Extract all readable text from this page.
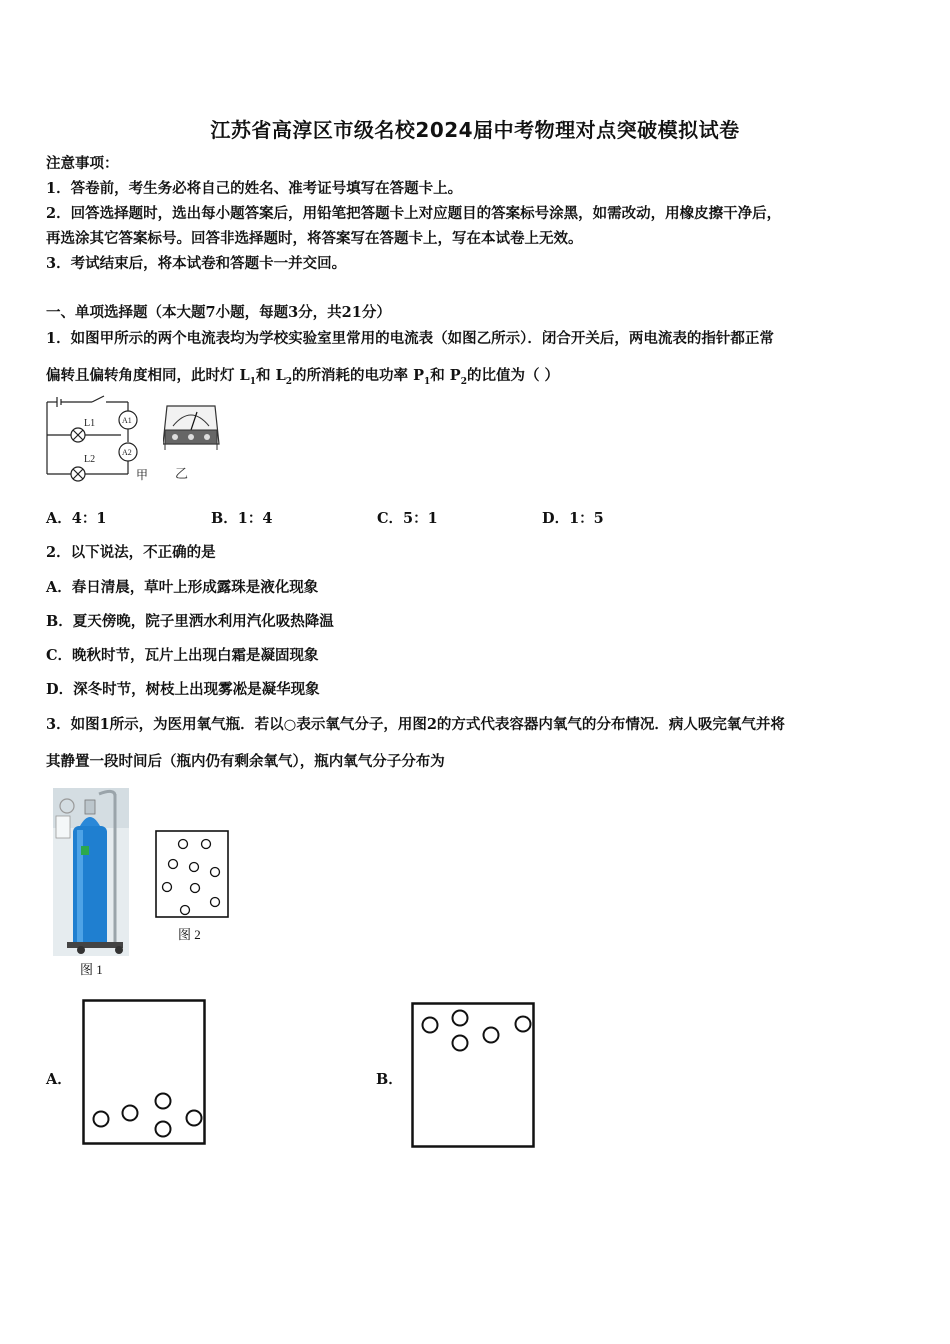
江苏省高淳区市级名校2024届中考物理对点突破模拟试卷
注意事项：
1．答卷前，考生务必将自己的姓名、准考证号填写在答题卡上。
2．回答选择题时，选出每小题答案后，用铅笔把答题卡上对应题目的答案标号涂黑，如需改动，用橡皮擦干净后，
再选涂其它答案标号。回答非选择题时，将答案写在答题卡上，写在本试卷上无效。
3．考试结束后，将本试卷和答题卡一并交回。
一、单项选择题（本大题7小题，每题3分，共21分）
1．如图甲所示的两个电流表均为学校实验室里常用的电流表（如图乙所示）．闭合开关后，两电流表的指针都正常
偏转且偏转角度相同，此时灯 $L_1$和 $L_2$的所消耗的电功率 $P_1$和 $P_2$的比值为（ ）
L1
L2
A1
A2
甲 乙
A．4：1	B．1：4	C．5：1	D．1：5
2．以下说法，不正确的是
A．春日清晨，草叶上形成露珠是液化现象
B．夏天傍晚，院子里洒水利用汽化吸热降温
C．晚秋时节，瓦片上出现白霜是凝固现象
D．深冬时节，树枝上出现雾凇是凝华现象
3．如图1所示，为医用氧气瓶．若以○表示氧气分子，用图2的方式代表容器内氧气的分布情况．病人吸完氧气并将
其静置一段时间后（瓶内仍有剩余氧气），瓶内氧气分子分布为
图 1
图 2
A．	B．
